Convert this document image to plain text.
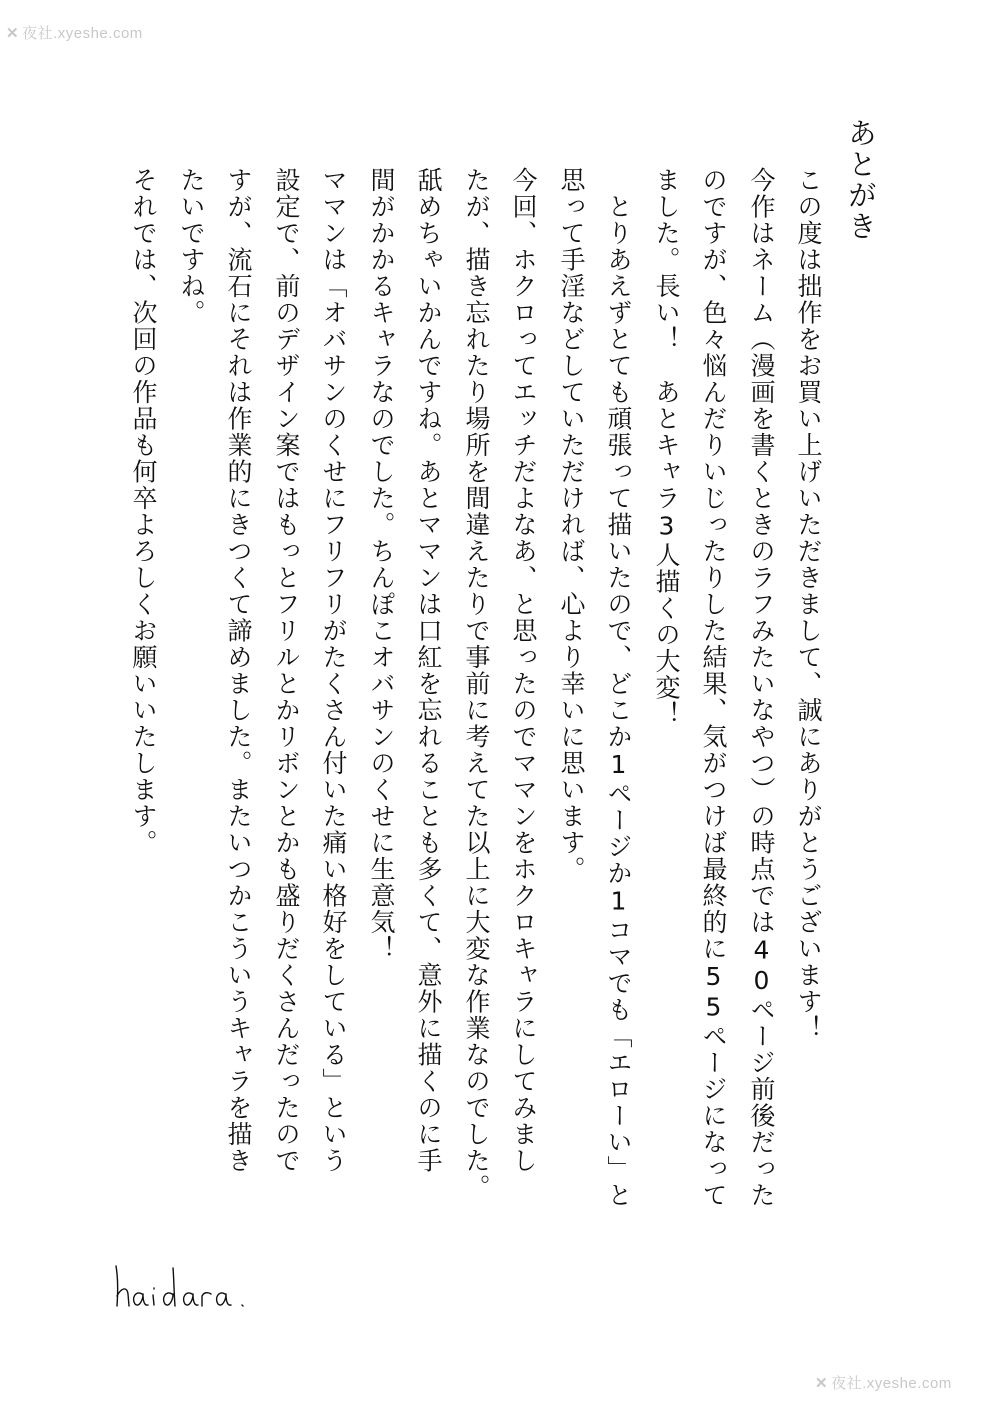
✕ 夜社.xyeshe.com
あとがき
この度は拙作をお買い上げいただきまして、誠にありがとうございます！
今作はネーム（漫画を書くときのラフみたいなやつ）の時点では40ページ前後だった
のですが、色々悩んだりいじったりした結果、気がつけば最終的に55ページになって
ました。長い！　あとキャラ3人描くの大変！
　とりあえずとても頑張って描いたので、どこか1ページか1コマでも「エローい」と
思って手淫などしていただければ、心より幸いに思います。
今回、ホクロってエッチだよなあ、と思ったのでママンをホクロキャラにしてみまし
たが、描き忘れたり場所を間違えたりで事前に考えてた以上に大変な作業なのでした。
舐めちゃいかんですね。あとママンは口紅を忘れることも多くて、意外に描くのに手
間がかかるキャラなのでした。ちんぽこオバサンのくせに生意気！
ママンは「オバサンのくせにフリフリがたくさん付いた痛い格好をしている」という
設定で、前のデザイン案ではもっとフリルとかリボンとかも盛りだくさんだったので
すが、流石にそれは作業的にきつくて諦めました。またいつかこういうキャラを描き
たいですね。
それでは、次回の作品も何卒よろしくお願いいたします。
✕ 夜社.xyeshe.com
